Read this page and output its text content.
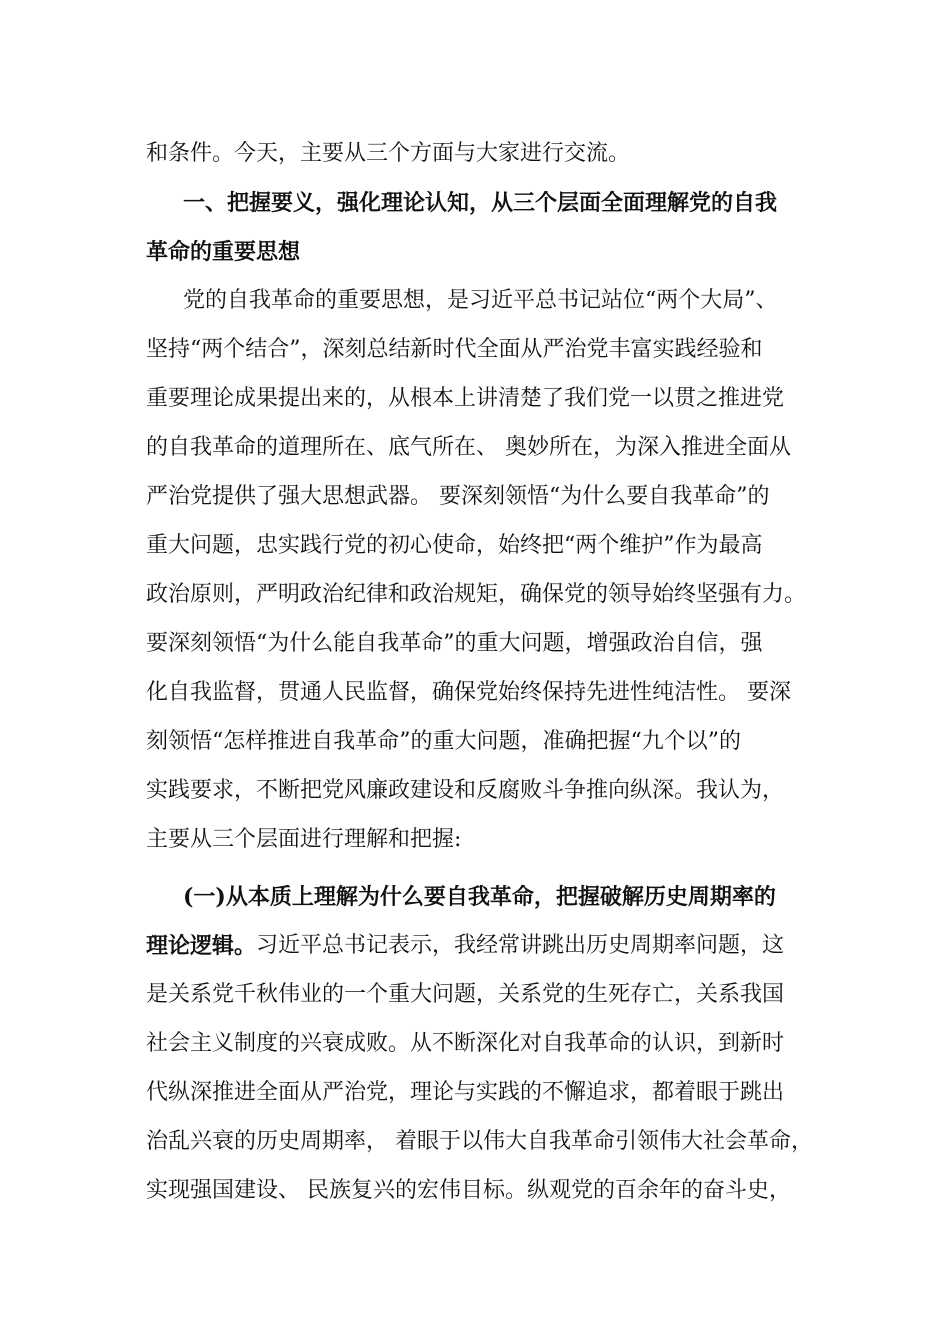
和条件。今天，主要从三个方面与大家进行交流。
一、把握要义，强化理论认知，从三个层面全面理解党的自我
革命的重要思想
党的自我革命的重要思想，是习近平总书记站位“两个大局”、
坚持“两个结合”，深刻总结新时代全面从严治党丰富实践经验和
重要理论成果提出来的，从根本上讲清楚了我们党一以贯之推进党
的自我革命的道理所在、底气所在、 奥妙所在，为深入推进全面从
严治党提供了强大思想武器。 要深刻领悟“为什么要自我革命”的
重大问题，忠实践行党的初心使命，始终把“两个维护”作为最高
政治原则，严明政治纪律和政治规矩，确保党的领导始终坚强有力。
要深刻领悟“为什么能自我革命”的重大问题，增强政治自信，强
化自我监督，贯通人民监督，确保党始终保持先进性纯洁性。 要深
刻领悟“怎样推进自我革命”的重大问题，准确把握“九个以”的
实践要求，不断把党风廉政建设和反腐败斗争推向纵深。我认为，
主要从三个层面进行理解和把握:
(一)从本质上理解为什么要自我革命，把握破解历史周期率的
理论逻辑。 习近平总书记表示，我经常讲跳出历史周期率问题，这
是关系党千秋伟业的一个重大问题，关系党的生死存亡，关系我国
社会主义制度的兴衰成败。从不断深化对自我革命的认识，到新时
代纵深推进全面从严治党，理论与实践的不懈追求，都着眼于跳出
治乱兴衰的历史周期率， 着眼于以伟大自我革命引领伟大社会革命，
实现强国建设、 民族复兴的宏伟目标。纵观党的百余年的奋斗史，
